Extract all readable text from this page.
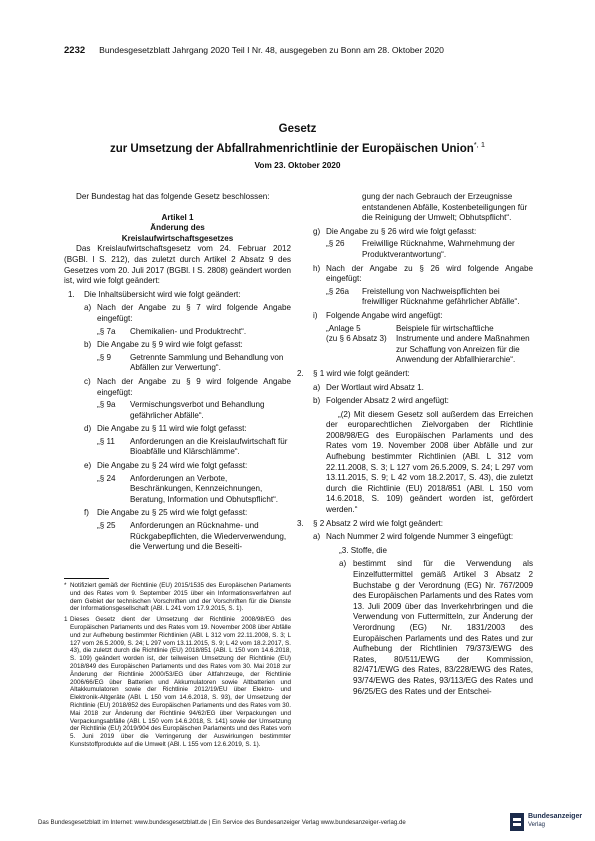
2232 Bundesgesetzblatt Jahrgang 2020 Teil I Nr. 48, ausgegeben zu Bonn am 28. Oktober 2020
Gesetz
zur Umsetzung der Abfallrahmenrichtlinie der Europäischen Union$^{*, 1}$
Vom 23. Oktober 2020

Der Bundestag hat das folgende Gesetz beschlossen:

Artikel 1

Änderung des

Kreislaufwirtschaftsgesetzes

Das Kreislaufwirtschaftsgesetz vom 24. Februar 2012 (BGBl. I S. 212), das zuletzt durch Artikel 2 Absatz 9 des Gesetzes vom 20. Juli 2017 (BGBl. I S. 2808) geändert worden ist, wird wie folgt geändert:

1.	Die Inhaltsübersicht wird wie folgt geändert:
a) Nach der Angabe zu § 7 wird folgende Angabe eingefügt:
„§ 7a	Chemikalien- und Produktrecht“.
b) Die Angabe zu § 9 wird wie folgt gefasst:
„§ 9	Getrennte Sammlung und Behandlung von Abfällen zur Verwertung“.
c) Nach der Angabe zu § 9 wird folgende Angabe eingefügt:
„§ 9a	Vermischungsverbot und Behandlung gefährlicher Abfälle“.
d) Die Angabe zu § 11 wird wie folgt gefasst:
„§ 11	Anforderungen an die Kreislaufwirtschaft für Bioabfälle und Klärschlämme“.
e) Die Angabe zu § 24 wird wie folgt gefasst:
„§ 24	Anforderungen an Verbote, Beschränkungen, Kennzeichnungen, Beratung, Information und Obhutspflicht“.
f) Die Angabe zu § 25 wird wie folgt gefasst:
„§ 25	Anforderungen an Rücknahme- und Rückgabepflichten, die Wiederverwendung, die Verwertung und die Beseiti-
* Notifiziert gemäß der Richtlinie (EU) 2015/1535 des Europäischen Parlaments und des Rates vom 9. September 2015 über ein Informationsverfahren auf dem Gebiet der technischen Vorschriften und der Vorschriften für die Dienste der Informationsgesellschaft (ABl. L 241 vom 17.9.2015, S. 1).
1 Dieses Gesetz dient der Umsetzung der Richtlinie 2008/98/EG des Europäischen Parlaments und des Rates vom 19. November 2008 über Abfälle und zur Aufhebung bestimmter Richtlinien (ABl. L 312 vom 22.11.2008, S. 3; L 127 vom 26.5.2009, S. 24; L 297 vom 13.11.2015, S. 9; L 42 vom 18.2.2017, S. 43), die zuletzt durch die Richtlinie (EU) 2018/851 (ABl. L 150 vom 14.6.2018, S. 109) geändert worden ist, der teilweisen Umsetzung der Richtlinie (EU) 2018/849 des Europäischen Parlaments und des Rates vom 30. Mai 2018 zur Änderung der Richtlinie 2000/53/EG über Altfahrzeuge, der Richtlinie 2006/66/EG über Batterien und Akkumulatoren sowie Altbatterien und Altakkumulatoren sowie der Richtlinie 2012/19/EU über Elektro- und Elektronik-Altgeräte (ABl. L 150 vom 14.6.2018, S. 93), der Umsetzung der Richtlinie (EU) 2018/852 des Europäischen Parlaments und des Rates vom 30. Mai 2018 zur Änderung der Richtlinie 94/62/EG über Verpackungen und Verpackungsabfälle (ABl. L 150 vom 14.6.2018, S. 141) sowie der Umsetzung der Richtlinie (EU) 2019/904 des Europäischen Parlaments und des Rates vom 5. Juni 2019 über die Verringerung der Auswirkungen bestimmter Kunststoffprodukte auf die Umwelt (ABl. L 155 vom 12.6.2019, S. 1).

gung der nach Gebrauch der Erzeugnisse entstandenen Abfälle, Kostenbeteiligungen für die Reinigung der Umwelt; Obhutspflicht“.

g) Die Angabe zu § 26 wird wie folgt gefasst:
„§ 26	Freiwillige Rücknahme, Wahrnehmung der Produktverantwortung“.
h) Nach der Angabe zu § 26 wird folgende Angabe eingefügt:
„§ 26a	Freistellung von Nachweispflichten bei freiwilliger Rücknahme gefährlicher Abfälle“.
i)	Folgende Angabe wird angefügt:
„Anlage 5
(zu § 6 Absatz 3)
Beispiele für wirtschaftliche Instrumente und andere Maßnahmen zur Schaffung von Anreizen für die Anwendung der Abfallhierarchie“.
2.	§ 1 wird wie folgt geändert:
a) Der Wortlaut wird Absatz 1.
b) Folgender Absatz 2 wird angefügt:

„(2) Mit diesem Gesetz soll außerdem das Erreichen der europarechtlichen Zielvorgaben der Richtlinie 2008/98/EG des Europäischen Parlaments und des Rates vom 19. November 2008 über Abfälle und zur Aufhebung bestimmter Richtlinien (ABl. L 312 vom 22.11.2008, S. 3; L 127 vom 26.5.2009, S. 24; L 297 vom 13.11.2015, S. 9; L 42 vom 18.2.2017, S. 43), die zuletzt durch die Richtlinie (EU) 2018/851 (ABl. L 150 vom 14.6.2018, S. 109) geändert worden ist, gefördert werden.“

3.	§ 2 Absatz 2 wird wie folgt geändert:
a) Nach Nummer 2 wird folgende Nummer 3 eingefügt:

„3. Stoffe, die

a) bestimmt sind für die Verwendung als Einzelfuttermittel gemäß Artikel 3 Absatz 2 Buchstabe g der Verordnung (EG) Nr. 767/2009 des Europäischen Parlaments und des Rates vom 13. Juli 2009 über das Inverkehrbringen und die Verwendung von Futtermitteln, zur Änderung der Verordnung (EG) Nr. 1831/2003 des Europäischen Parlaments und des Rates und zur Aufhebung der Richtlinien 79/373/EWG des Rates, 80/511/EWG der Kommission, 82/471/EWG des Rates, 83/228/EWG des Rates, 93/74/EWG des Rates, 93/113/EG des Rates und 96/25/EG des Rates und der Entschei-
Das Bundesgesetzblatt im Internet: www.bundesgesetzblatt.de | Ein Service des Bundesanzeiger Verlag www.bundesanzeiger-verlag.de
Bundesanzeiger
Verlag
